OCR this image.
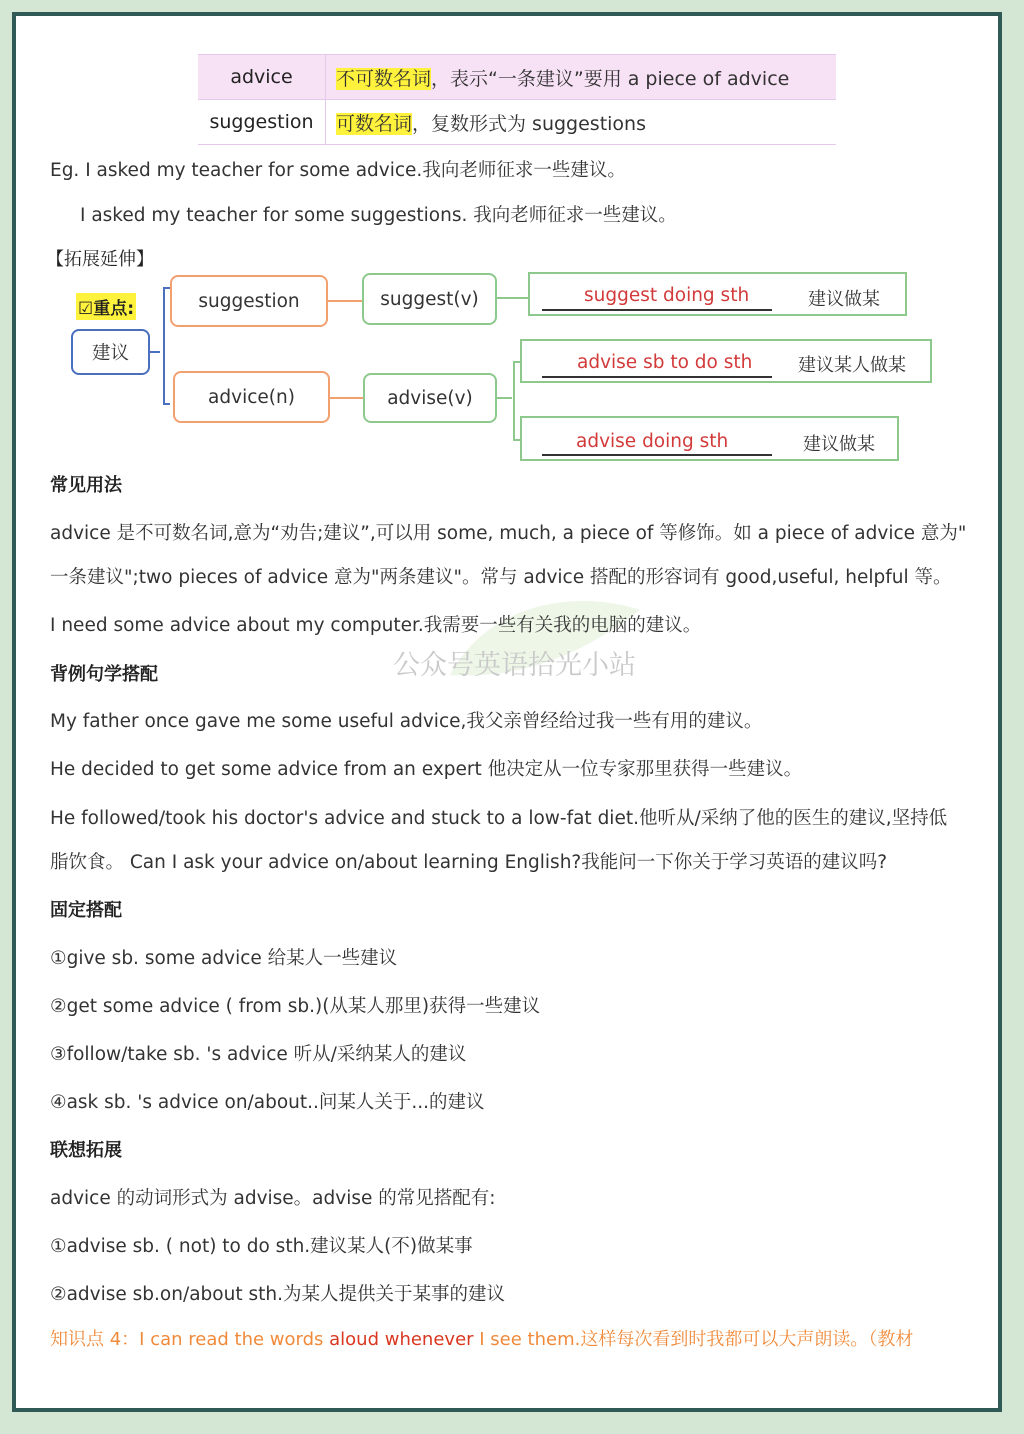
advice	不可数名词，表示“一条建议”要用 a piece of advice
suggestion	可数名词，复数形式为 suggestions
Eg. I asked my teacher for some advice.我向老师征求一些建议。
I asked my teacher for some suggestions. 我向老师征求一些建议。
【拓展延伸】
☑重点:
建议
suggestion
advice(n)
suggest(v)
advise(v)
suggest doing sth	建议做某
advise sb to do sth	建议某人做某
advise doing sth	建议做某
常见用法
advice 是不可数名词,意为“劝告;建议”,可以用 some, much, a piece of 等修饰。如 a piece of advice 意为"
一条建议";two pieces of advice 意为"两条建议"。常与 advice 搭配的形容词有 good,useful, helpful 等。
I need some advice about my computer.我需要一些有关我的电脑的建议。
公众号英语拾光小站
背例句学搭配
My father once gave me some useful advice,我父亲曾经给过我一些有用的建议。
He decided to get some advice from an expert 他决定从一位专家那里获得一些建议。
He followed/took his doctor's advice and stuck to a low-fat diet.他听从/采纳了他的医生的建议,坚持低
脂饮食。 Can I ask your advice on/about learning English?我能问一下你关于学习英语的建议吗?
固定搭配
①give sb. some advice 给某人一些建议
②get some advice ( from sb.)(从某人那里)获得一些建议
③follow/take sb. 's advice 听从/采纳某人的建议
④ask sb. 's advice on/about..问某人关于...的建议
联想拓展
advice 的动词形式为 advise。advise 的常见搭配有:
①advise sb. ( not) to do sth.建议某人(不)做某事
②advise sb.on/about sth.为某人提供关于某事的建议
知识点 4：I can read the words aloud whenever I see them.这样每次看到时我都可以大声朗读。（教材
